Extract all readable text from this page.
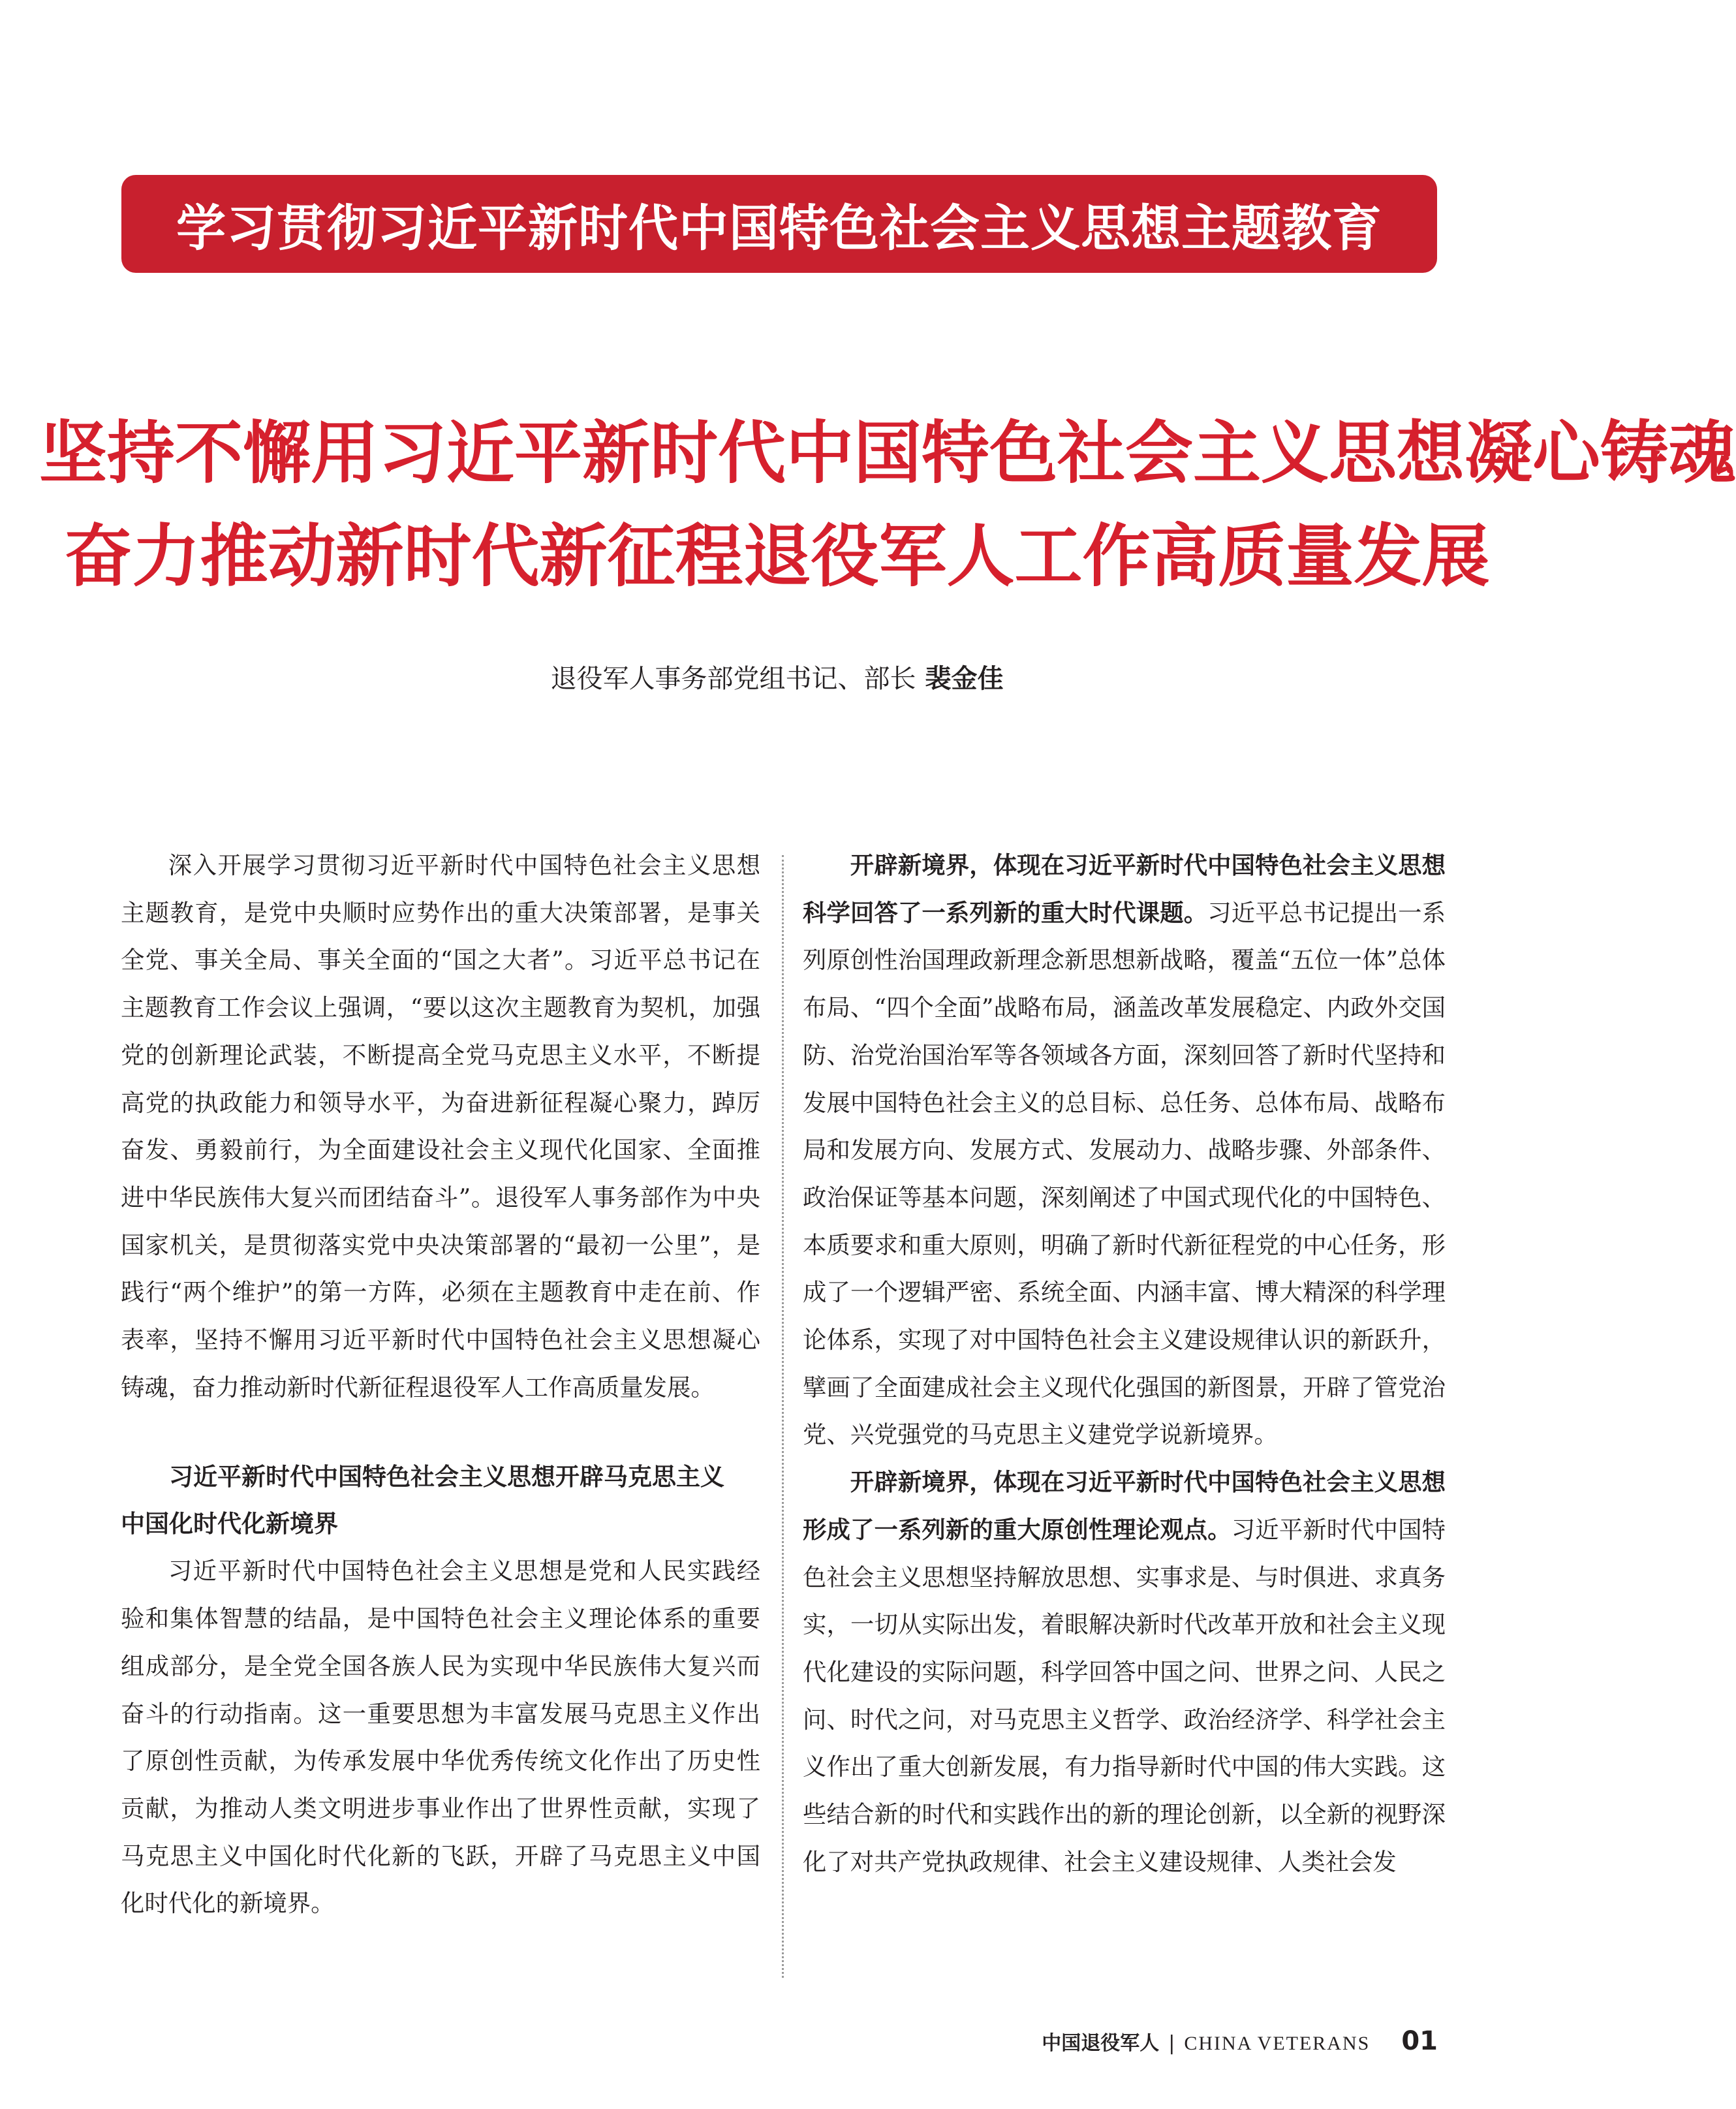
学习贯彻习近平新时代中国特色社会主义思想主题教育
坚持不懈用习近平新时代中国特色社会主义思想凝心铸魂
奋力推动新时代新征程退役军人工作高质量发展
退役军人事务部党组书记、部长 裴金佳

深入开展学习贯彻习近平新时代中国特色社会主义思想主题教育，是党中央顺时应势作出的重大决策部署，是事关全党、事关全局、事关全面的“国之大者”。习近平总书记在主题教育工作会议上强调，“要以这次主题教育为契机，加强党的创新理论武装，不断提高全党马克思主义水平，不断提高党的执政能力和领导水平，为奋进新征程凝心聚力，踔厉奋发、勇毅前行，为全面建设社会主义现代化国家、全面推进中华民族伟大复兴而团结奋斗”。退役军人事务部作为中央国家机关，是贯彻落实党中央决策部署的“最初一公里”，是践行“两个维护”的第一方阵，必须在主题教育中走在前、作表率，坚持不懈用习近平新时代中国特色社会主义思想凝心铸魂，奋力推动新时代新征程退役军人工作高质量发展。

习近平新时代中国特色社会主义思想开辟马克思主义
中国化时代化新境界

习近平新时代中国特色社会主义思想是党和人民实践经验和集体智慧的结晶，是中国特色社会主义理论体系的重要组成部分，是全党全国各族人民为实现中华民族伟大复兴而奋斗的行动指南。这一重要思想为丰富发展马克思主义作出了原创性贡献，为传承发展中华优秀传统文化作出了历史性贡献，为推动人类文明进步事业作出了世界性贡献，实现了马克思主义中国化时代化新的飞跃，开辟了马克思主义中国化时代化的新境界。

开辟新境界，体现在习近平新时代中国特色社会主义思想科学回答了一系列新的重大时代课题。习近平总书记提出一系列原创性治国理政新理念新思想新战略，覆盖“五位一体”总体布局、“四个全面”战略布局，涵盖改革发展稳定、内政外交国防、治党治国治军等各领域各方面，深刻回答了新时代坚持和发展中国特色社会主义的总目标、总任务、总体布局、战略布局和发展方向、发展方式、发展动力、战略步骤、外部条件、政治保证等基本问题，深刻阐述了中国式现代化的中国特色、本质要求和重大原则，明确了新时代新征程党的中心任务，形成了一个逻辑严密、系统全面、内涵丰富、博大精深的科学理论体系，实现了对中国特色社会主义建设规律认识的新跃升，擘画了全面建成社会主义现代化强国的新图景，开辟了管党治党、兴党强党的马克思主义建党学说新境界。

开辟新境界，体现在习近平新时代中国特色社会主义思想形成了一系列新的重大原创性理论观点。习近平新时代中国特色社会主义思想坚持解放思想、实事求是、与时俱进、求真务实，一切从实际出发，着眼解决新时代改革开放和社会主义现代化建设的实际问题，科学回答中国之问、世界之问、人民之问、时代之问，对马克思主义哲学、政治经济学、科学社会主义作出了重大创新发展，有力指导新时代中国的伟大实践。这些结合新的时代和实践作出的新的理论创新，以全新的视野深化了对共产党执政规律、社会主义建设规律、人类社会发

中国退役军人 | CHINA VETERANS 01
